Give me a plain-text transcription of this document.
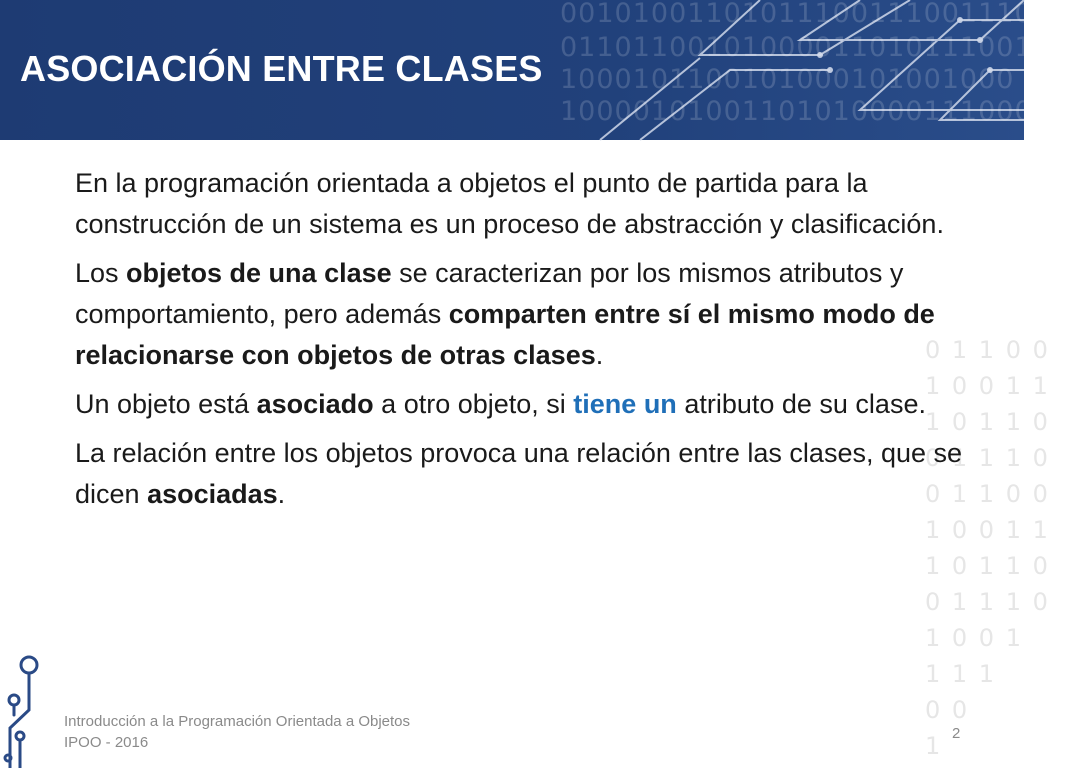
0010100110101110011100111011
01101100101000011010111001
1000101100101000101001000
10000101001101010000111000
ASOCIACIÓN ENTRE CLASES
0 1 1 0 0
1 0 0 1 1
1 0 1 1 0
0 1 1 1 0
0 1 1 0 0
1 0 0 1 1
1 0 1 1 0
0 1 1 1 0
1 0 0 1
1 1 1
0 0
1

En la programación orientada a objetos el punto de partida para la construcción de un sistema es un proceso de abstracción y clasificación.

Los objetos de una clase se caracterizan por los mismos atributos y comportamiento, pero además comparten entre sí el mismo modo de relacionarse con objetos de otras clases.

Un objeto está asociado a otro objeto, si tiene un atributo de su clase.

La relación entre los objetos provoca una relación entre las clases, que se dicen asociadas.

Introducción a la Programación Orientada a Objetos
IPOO - 2016
2
